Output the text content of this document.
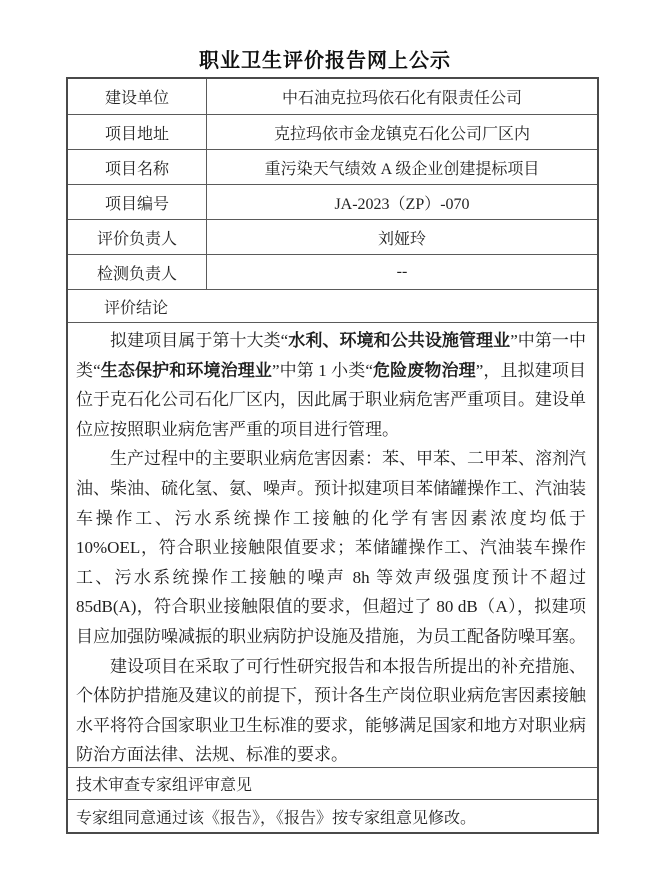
职业卫生评价报告网上公示
建设单位	中石油克拉玛依石化有限责任公司
项目地址	克拉玛依市金龙镇克石化公司厂区内
项目名称	重污染天气绩效 A 级企业创建提标项目
项目编号	JA-2023（ZP）-070
评价负责人	刘娅玲
检测负责人	--
评价结论

拟建项目属于第十大类“水利、环境和公共设施管理业”中第一中类“生态保护和环境治理业”中第 1 小类“危险废物治理”，且拟建项目位于克石化公司石化厂区内，因此属于职业病危害严重项目。建设单位应按照职业病危害严重的项目进行管理。

生产过程中的主要职业病危害因素：苯、甲苯、二甲苯、溶剂汽油、柴油、硫化氢、氨、噪声。预计拟建项目苯储罐操作工、汽油装车操作工、污水系统操作工接触的化学有害因素浓度均低于 10%OEL，符合职业接触限值要求；苯储罐操作工、汽油装车操作工、污水系统操作工接触的噪声 8h 等效声级强度预计不超过 85dB(A)，符合职业接触限值的要求，但超过了 80 dB（A），拟建项目应加强防噪减振的职业病防护设施及措施，为员工配备防噪耳塞。

建设项目在采取了可行性研究报告和本报告所提出的补充措施、个体防护措施及建议的前提下，预计各生产岗位职业病危害因素接触水平将符合国家职业卫生标准的要求，能够满足国家和地方对职业病防治方面法律、法规、标准的要求。

技术审查专家组评审意见
专家组同意通过该《报告》，《报告》按专家组意见修改。
